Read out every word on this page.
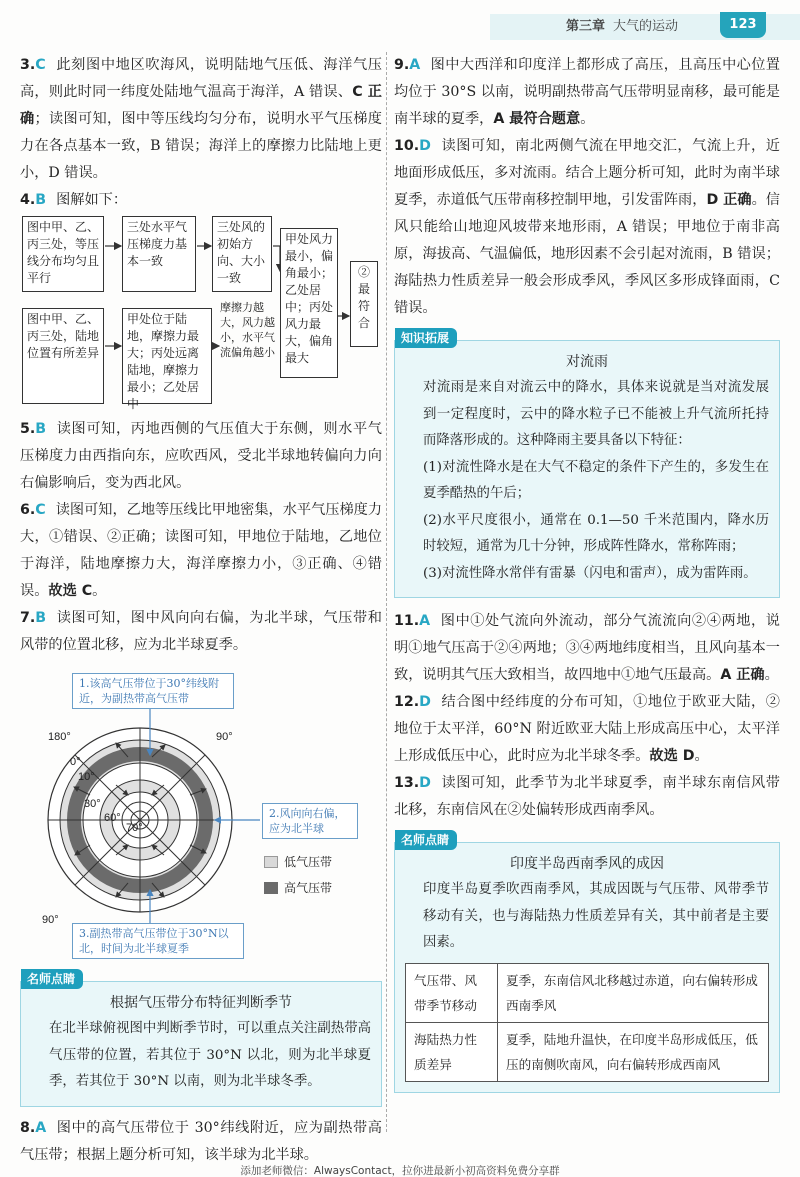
第三章 大气的运动	123

3.C 此刻图中地区吹海风，说明陆地气压低、海洋气压高，则此时同一纬度处陆地气温高于海洋，A 错误、C 正确；读图可知，图中等压线均匀分布，说明水平气压梯度力在各点基本一致，B 错误；海洋上的摩擦力比陆地上更小，D 错误。

4.B 图解如下：

图中甲、乙、丙三处，等压线分布均匀且平行
三处水平气压梯度力基本一致
三处风的初始方向、大小一致
甲处风力最小，偏角最小；乙处居中；丙处风力最大，偏角最大
②最符合
图中甲、乙、丙三处，陆地位置有所差异
甲处位于陆地，摩擦力最大；丙处远离陆地，摩擦力最小；乙处居中
摩擦力越大，风力越小，水平气流偏角越小

5.B 读图可知，丙地西侧的气压值大于东侧，则水平气压梯度力由西指向东，应吹西风，受北半球地转偏向力向右偏影响后，变为西北风。

6.C 读图可知，乙地等压线比甲地密集，水平气压梯度力大，①错误、②正确；读图可知，甲地位于陆地，乙地位于海洋，陆地摩擦力大，海洋摩擦力小，③正确、④错误。故选 C。

7.B 读图可知，图中风向向右偏，为北半球，气压带和风带的位置北移，应为北半球夏季。

180°	90°
90°
0°
10°
30°
60°
70°
1.该高气压带位于30°纬线附近，为副热带高气压带
2.风向向右偏，应为北半球
3.副热带高气压带位于30°N以北，时间为北半球夏季
低气压带
高气压带
名师点睛
根据气压带分布特征判断季节

在北半球俯视图中判断季节时，可以重点关注副热带高气压带的位置，若其位于 30°N 以北，则为北半球夏季，若其位于 30°N 以南，则为北半球冬季。

8.A 图中的高气压带位于 30°纬线附近，应为副热带高气压带；根据上题分析可知，该半球为北半球。

9.A 图中大西洋和印度洋上都形成了高压，且高压中心位置均位于 30°S 以南，说明副热带高气压带明显南移，最可能是南半球的夏季，A 最符合题意。

10.D 读图可知，南北两侧气流在甲地交汇，气流上升，近地面形成低压，多对流雨。结合上题分析可知，此时为南半球夏季，赤道低气压带南移控制甲地，引发雷阵雨，D 正确。信风只能给山地迎风坡带来地形雨，A 错误；甲地位于南非高原，海拔高、气温偏低，地形因素不会引起对流雨，B 错误；海陆热力性质差异一般会形成季风，季风区多形成锋面雨，C 错误。

知识拓展
对流雨

对流雨是来自对流云中的降水，具体来说就是当对流发展到一定程度时，云中的降水粒子已不能被上升气流所托持而降落形成的。这种降雨主要具备以下特征：

(1)对流性降水是在大气不稳定的条件下产生的，多发生在夏季酷热的午后；

(2)水平尺度很小，通常在 0.1—50 千米范围内，降水历时较短，通常为几十分钟，形成阵性降水，常称阵雨；

(3)对流性降水常伴有雷暴（闪电和雷声），成为雷阵雨。

11.A 图中①处气流向外流动，部分气流流向②④两地，说明①地气压高于②④两地；③④两地纬度相当，且风向基本一致，说明其气压大致相当，故四地中①地气压最高。A 正确。

12.D 结合图中经纬度的分布可知，①地位于欧亚大陆，②地位于太平洋，60°N 附近欧亚大陆上形成高压中心，太平洋上形成低压中心，此时应为北半球冬季。故选 D。

13.D 读图可知，此季节为北半球夏季，南半球东南信风带北移，东南信风在②处偏转形成西南季风。

名师点睛
印度半岛西南季风的成因

印度半岛夏季吹西南季风，其成因既与气压带、风带季节移动有关，也与海陆热力性质差异有关，其中前者是主要因素。

气压带、风带季节移动	夏季，东南信风北移越过赤道，向右偏转形成西南季风
海陆热力性质差异	夏季，陆地升温快，在印度半岛形成低压，低压的南侧吹南风，向右偏转形成西南风
添加老师微信：AlwaysContact，拉你进最新小初高资料免费分享群
